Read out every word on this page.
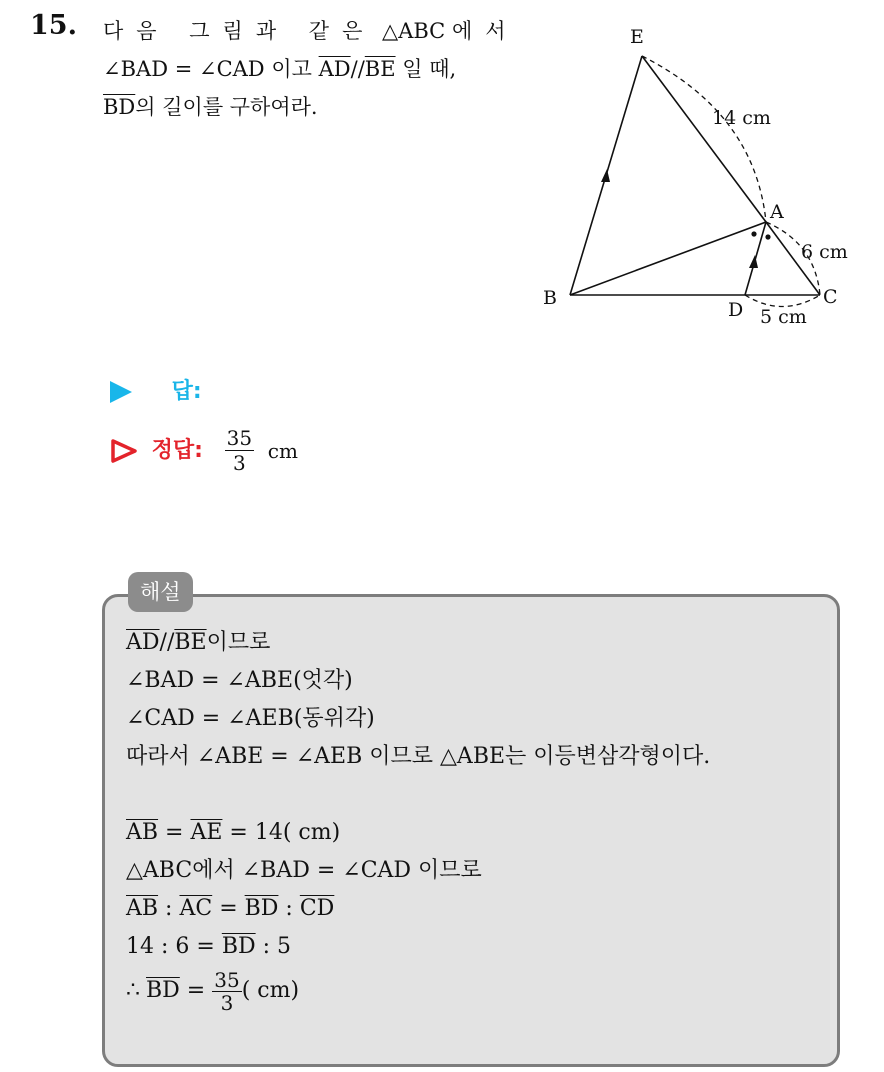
15. 다음 그림과 같은 △ABC 에서
∠BAD = ∠CAD 이고 $\overline{AD}//\overline{BE}$ 일 때,
$\overline{BD}$의 길이를 구하여라.
E
A
B	C
D
14 cm
6 cm
5 cm
답:
정답: $\frac{35}{3}$ cm
해설
$\overline{AD}//\overline{BE}$이므로
∠BAD = ∠ABE(엇각)
∠CAD = ∠AEB(동위각)
따라서 ∠ABE = ∠AEB 이므로 △ABE는 이등변삼각형이다.
$\overline{AB} = \overline{AE} = 14$( cm)
△ABC에서 ∠BAD = ∠CAD 이므로
$\overline{AB}$ : $\overline{AC} = \overline{BD}$ : $\overline{CD}$
14 : $6 = \overline{BD}$ : 5
∴ $\overline{BD} = \frac{35}{3}$ ( cm)
